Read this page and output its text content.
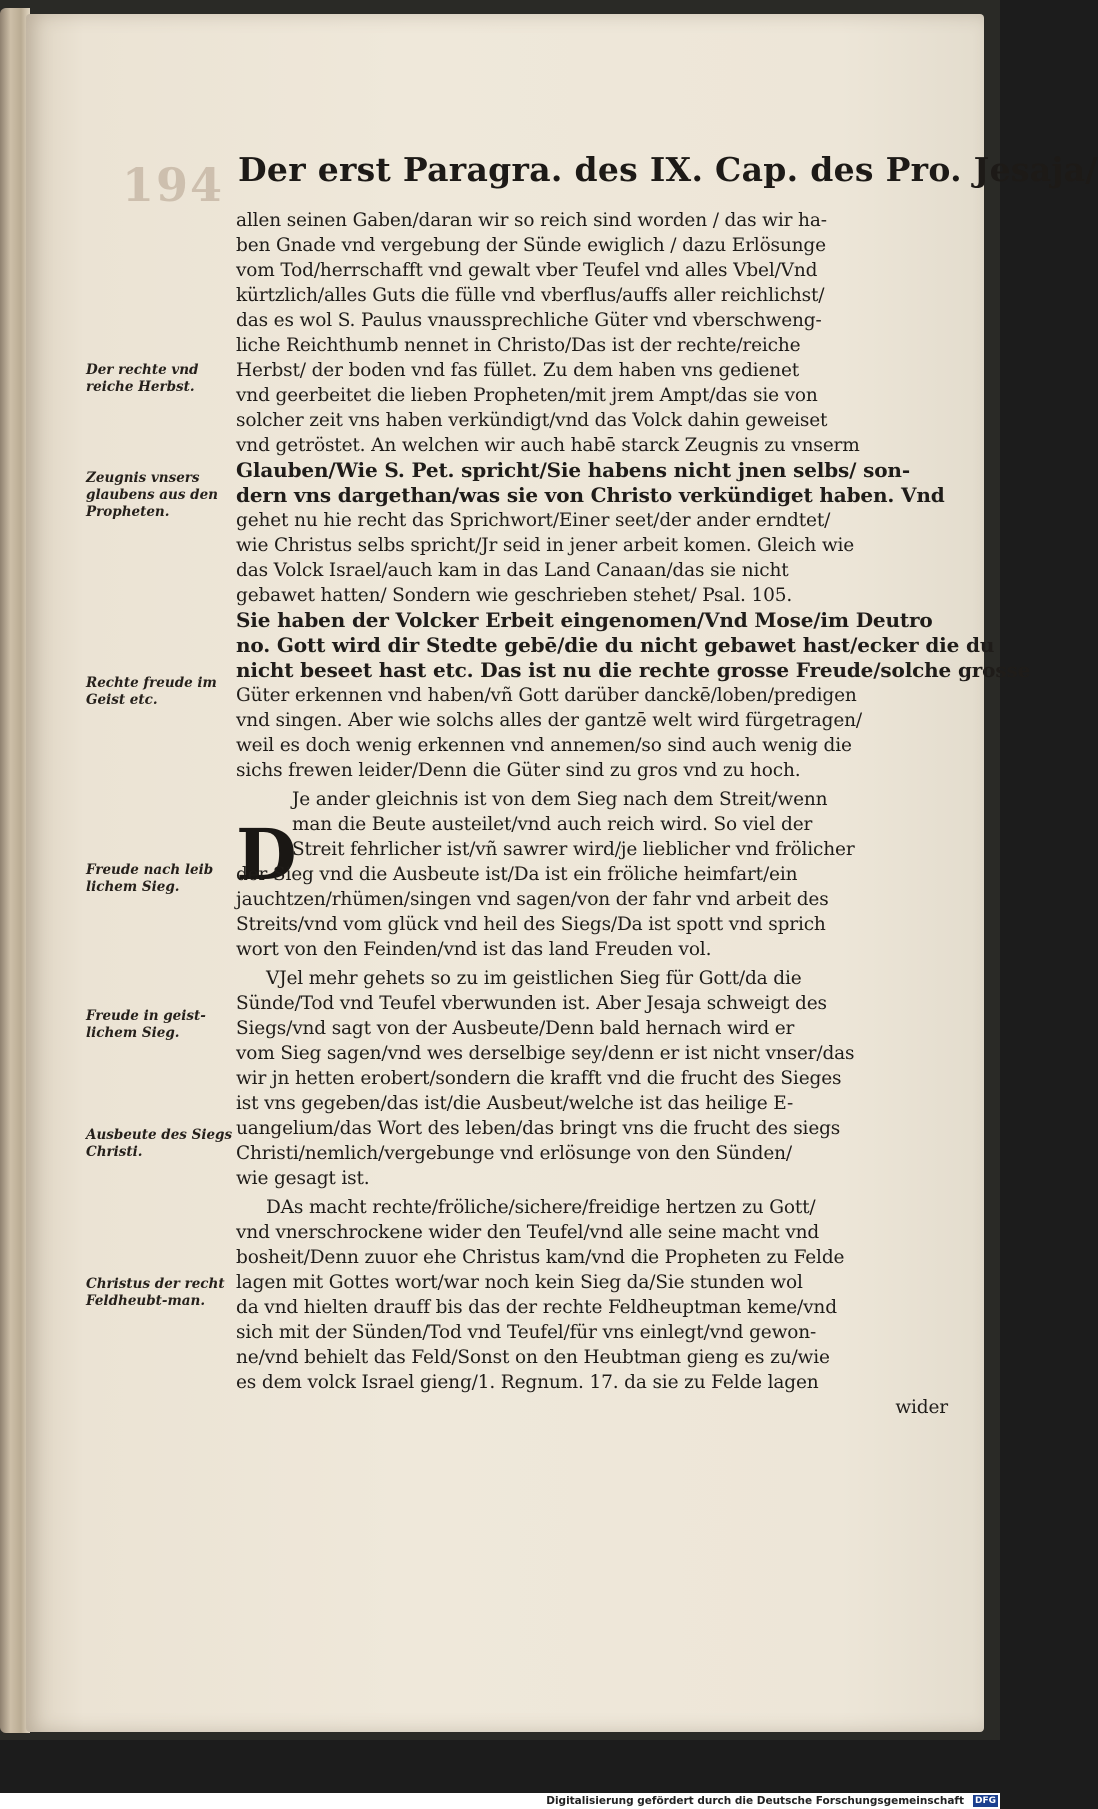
194 Der erst Paragra. des IX. Cap. des Pro. Jesaja/
D
allen seinen Gaben/daran wir so reich sind worden / das wir ha-
ben Gnade vnd vergebung der Sünde ewiglich / dazu Erlösunge
vom Tod/herrschafft vnd gewalt vber Teufel vnd alles Vbel/Vnd
kürtzlich/alles Guts die fülle vnd vberflus/auffs aller reichlichst/
das es wol S. Paulus vnaussprechliche Güter vnd vberschweng-
liche Reichthumb nennet in Christo/Das ist der rechte/reiche
Herbst/ der boden vnd fas füllet. Zu dem haben vns gedienet
vnd geerbeitet die lieben Propheten/mit jrem Ampt/das sie von
solcher zeit vns haben verkündigt/vnd das Volck dahin geweiset
vnd getröstet. An welchen wir auch habē starck Zeugnis zu vnserm
Glauben/Wie S. Pet. spricht/Sie habens nicht jnen selbs/ son-
dern vns dargethan/was sie von Christo verkündiget haben. Vnd
gehet nu hie recht das Sprichwort/Einer seet/der ander erndtet/
wie Christus selbs spricht/Jr seid in jener arbeit komen. Gleich wie
das Volck Israel/auch kam in das Land Canaan/das sie nicht
gebawet hatten/ Sondern wie geschrieben stehet/ Psal. 105.
Sie haben der Volcker Erbeit eingenomen/Vnd Mose/im Deutro
no. Gott wird dir Stedte gebē/die du nicht gebawet hast/ecker die du
nicht beseet hast etc. Das ist nu die rechte grosse Freude/solche grosse
Güter erkennen vnd haben/vñ Gott darüber danckē/loben/predigen
vnd singen. Aber wie solchs alles der gantzē welt wird fürgetragen/
weil es doch wenig erkennen vnd annemen/so sind auch wenig die
sichs frewen leider/Denn die Güter sind zu gros vnd zu hoch.
Je ander gleichnis ist von dem Sieg nach dem Streit/wenn
man die Beute austeilet/vnd auch reich wird. So viel der
Streit fehrlicher ist/vñ sawrer wird/je lieblicher vnd frölicher
der Sieg vnd die Ausbeute ist/Da ist ein fröliche heimfart/ein
jauchtzen/rhümen/singen vnd sagen/von der fahr vnd arbeit des
Streits/vnd vom glück vnd heil des Siegs/Da ist spott vnd sprich
wort von den Feinden/vnd ist das land Freuden vol.
VJel mehr gehets so zu im geistlichen Sieg für Gott/da die
Sünde/Tod vnd Teufel vberwunden ist. Aber Jesaja schweigt des
Siegs/vnd sagt von der Ausbeute/Denn bald hernach wird er
vom Sieg sagen/vnd wes derselbige sey/denn er ist nicht vnser/das
wir jn hetten erobert/sondern die krafft vnd die frucht des Sieges
ist vns gegeben/das ist/die Ausbeut/welche ist das heilige E-
uangelium/das Wort des leben/das bringt vns die frucht des siegs
Christi/nemlich/vergebunge vnd erlösunge von den Sünden/
wie gesagt ist.
DAs macht rechte/fröliche/sichere/freidige hertzen zu Gott/
vnd vnerschrockene wider den Teufel/vnd alle seine macht vnd
bosheit/Denn zuuor ehe Christus kam/vnd die Propheten zu Felde
lagen mit Gottes wort/war noch kein Sieg da/Sie stunden wol
da vnd hielten drauff bis das der rechte Feldheuptman keme/vnd
sich mit der Sünden/Tod vnd Teufel/für vns einlegt/vnd gewon-
ne/vnd behielt das Feld/Sonst on den Heubtman gieng es zu/wie
es dem volck Israel gieng/1. Regnum. 17. da sie zu Felde lagen
wider
Der rechte vnd reiche Herbst.
Zeugnis vnsers glaubens aus den Propheten.
Rechte freude im Geist etc.
Freude nach leib lichem Sieg.
Freude in geist-lichem Sieg.
Ausbeute des Siegs Christi.
Christus der recht Feldheubt-man.
Digitalisierung gefördert durch die Deutsche Forschungsgemeinschaft DFG
